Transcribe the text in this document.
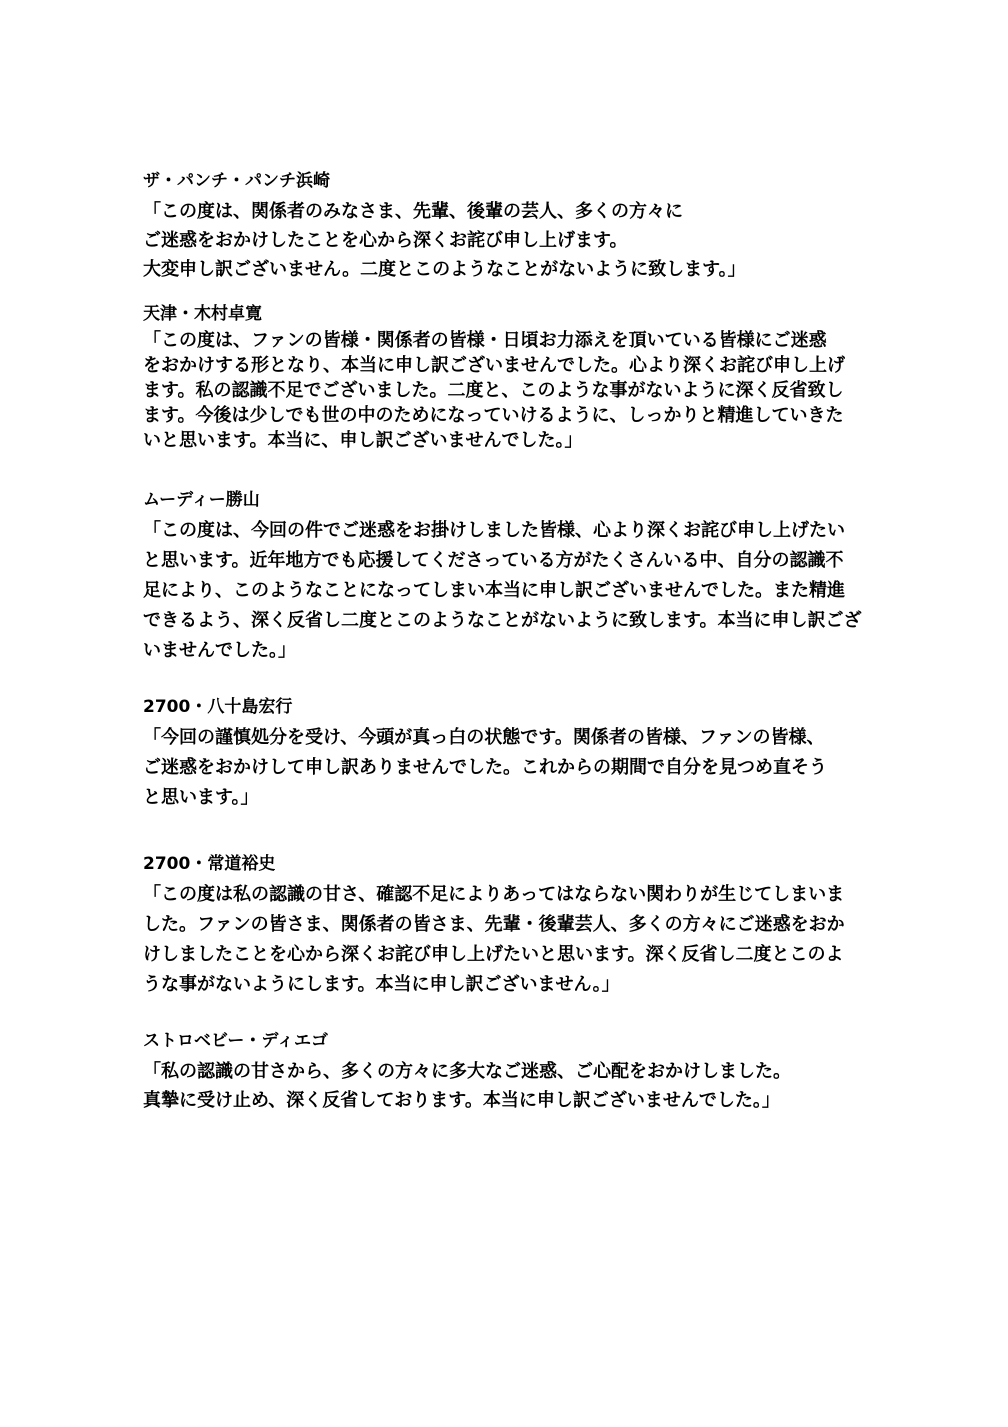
ザ・パンチ・パンチ浜崎
「この度は、関係者のみなさま、先輩、後輩の芸人、多くの方々に
ご迷惑をおかけしたことを心から深くお詫び申し上げます。
大変申し訳ございません。二度とこのようなことがないように致します。」
天津・木村卓寛
「この度は、ファンの皆様・関係者の皆様・日頃お力添えを頂いている皆様にご迷惑
をおかけする形となり、本当に申し訳ございませんでした。心より深くお詫び申し上げ
ます。私の認識不足でございました。二度と、このような事がないように深く反省致し
ます。今後は少しでも世の中のためになっていけるように、しっかりと精進していきた
いと思います。本当に、申し訳ございませんでした。」
ムーディー勝山
「この度は、今回の件でご迷惑をお掛けしました皆様、心より深くお詫び申し上げたい
と思います。近年地方でも応援してくださっている方がたくさんいる中、自分の認識不
足により、このようなことになってしまい本当に申し訳ございませんでした。また精進
できるよう、深く反省し二度とこのようなことがないように致します。本当に申し訳ござ
いませんでした。」
2700・八十島宏行
「今回の謹慎処分を受け、今頭が真っ白の状態です。関係者の皆様、ファンの皆様、
ご迷惑をおかけして申し訳ありませんでした。これからの期間で自分を見つめ直そう
と思います。」
2700・常道裕史
「この度は私の認識の甘さ、確認不足によりあってはならない関わりが生じてしまいま
した。ファンの皆さま、関係者の皆さま、先輩・後輩芸人、多くの方々にご迷惑をおか
けしましたことを心から深くお詫び申し上げたいと思います。深く反省し二度とこのよ
うな事がないようにします。本当に申し訳ございません。」
ストロベビー・ディエゴ
「私の認識の甘さから、多くの方々に多大なご迷惑、ご心配をおかけしました。
真摯に受け止め、深く反省しております。本当に申し訳ございませんでした。」
